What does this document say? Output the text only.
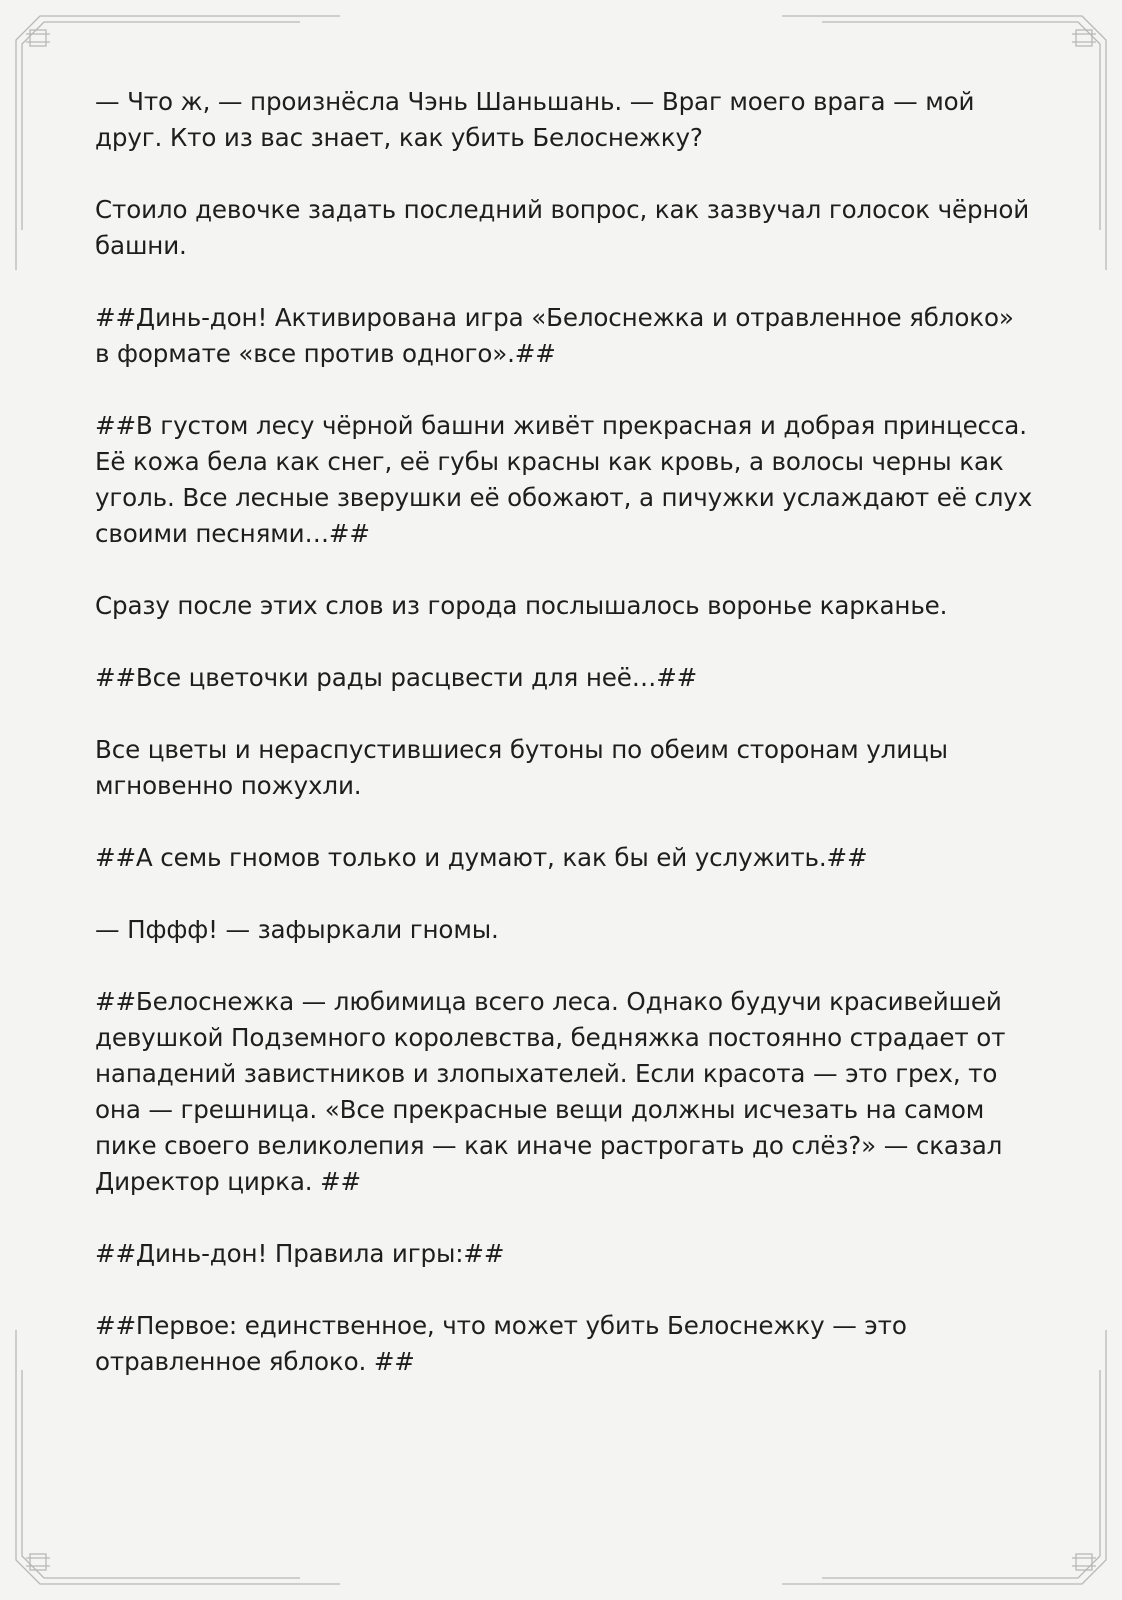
— Что ж, — произнёсла Чэнь Шаньшань. — Враг моего врага — мой друг. Кто из вас знает, как убить Белоснежку?

Стоило девочке задать последний вопрос, как зазвучал голосок чёрной башни.

##Динь-дон! Активирована игра «Белоснежка и отравленное яблоко» в формате «все против одного».##

##В густом лесу чёрной башни живёт прекрасная и добрая принцесса. Её кожа бела как снег, её губы красны как кровь, а волосы черны как уголь. Все лесные зверушки её обожают, а пичужки услаждают её слух своими песнями…##

Сразу после этих слов из города послышалось воронье карканье.

##Все цветочки рады расцвести для неё…##

Все цветы и нераспустившиеся бутоны по обеим сторонам улицы мгновенно пожухли.

##А семь гномов только и думают, как бы ей услужить.##

— Пффф! — зафыркали гномы.

##Белоснежка — любимица всего леса. Однако будучи красивейшей девушкой Подземного королевства, бедняжка постоянно страдает от нападений завистников и злопыхателей. Если красота — это грех, то она — грешница. «Все прекрасные вещи должны исчезать на самом пике своего великолепия — как иначе растрогать до слёз?» — сказал Директор цирка. ##

##Динь-дон! Правила игры:##

##Первое: единственное, что может убить Белоснежку — это отравленное яблоко. ##
